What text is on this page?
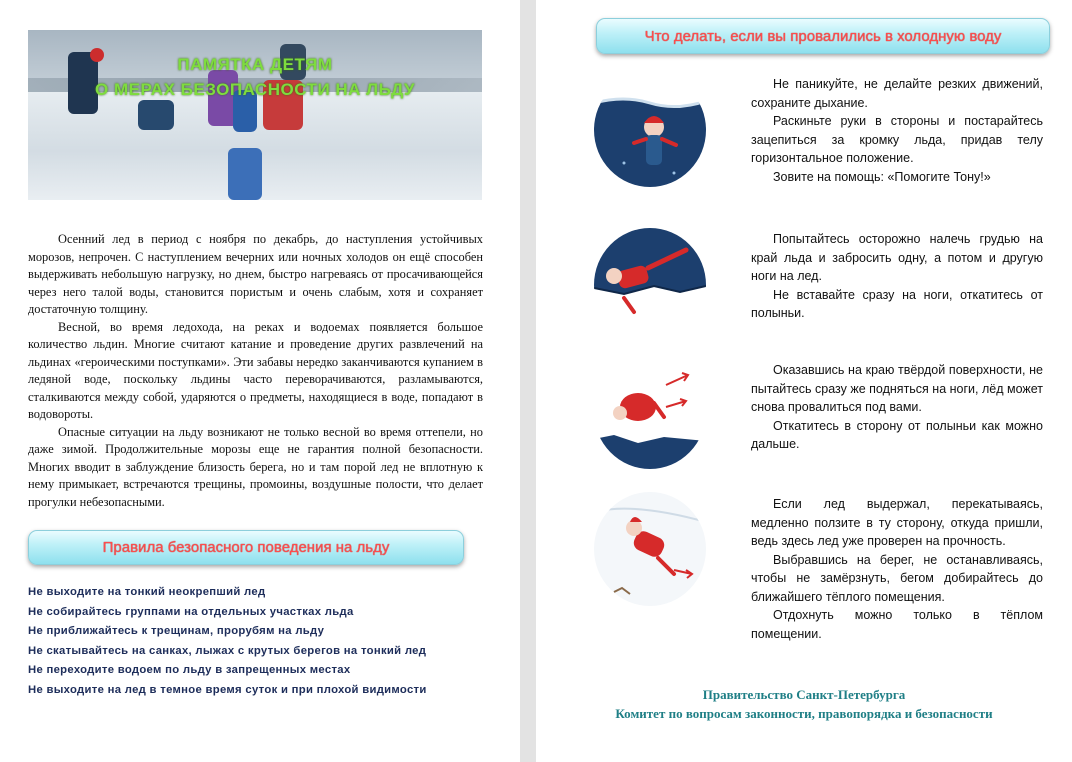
ПАМЯТКА ДЕТЯМ
О МЕРАХ БЕЗОПАСНОСТИ НА ЛЬДУ

Осенний лед в период с ноября по декабрь, до наступления устойчивых морозов, непрочен. С наступлением вечерних или ночных холодов он ещё способен выдерживать небольшую нагрузку, но днем, быстро нагреваясь от просачивающейся через него талой воды, становится пористым и очень слабым, хотя и сохраняет достаточную толщину.

Весной, во время ледохода, на реках и водоемах появляется большое количество льдин. Многие считают катание и проведение других развлечений на льдинах «героическими поступками». Эти забавы нередко заканчиваются купанием в ледяной воде, поскольку льдины часто переворачиваются, разламываются, сталкиваются между собой, ударяются о предметы, находящиеся в воде, попадают в водовороты.

Опасные ситуации на льду возникают не только весной во время оттепели, но даже зимой. Продолжительные морозы еще не гарантия полной безопасности. Многих вводит в заблуждение близость берега, но и там порой лед не вплотную к нему примыкает, встречаются трещины, промоины, воздушные полости, что делает прогулки небезопасными.

Правила безопасного поведения на льду
Не выходите на тонкий неокрепший лед
Не собирайтесь группами на отдельных участках льда
Не приближайтесь к трещинам, прорубям на льду
Не скатывайтесь на санках, лыжах с крутых берегов на тонкий лед
Не переходите водоем по льду в запрещенных местах
Не выходите на лед в темное время суток и при плохой видимости
Что делать, если вы провалились в холодную воду

Не паникуйте, не делайте резких движений, сохраните дыхание.

Раскиньте руки в стороны и постарайтесь зацепиться за кромку льда, придав телу горизонтальное положение.

Зовите на помощь: «Помогите Тону!»

Попытайтесь осторожно налечь грудью на край льда и забросить одну, а потом и другую ноги на лед.

Не вставайте сразу на ноги, откатитесь от полыньи.

Оказавшись на краю твёрдой поверхности, не пытайтесь сразу же подняться на ноги, лёд может снова провалиться под вами.

Откатитесь в сторону от полыньи как можно дальше.

Если лед выдержал, перекатываясь, медленно ползите в ту сторону, откуда пришли, ведь здесь лед уже проверен на прочность.

Выбравшись на берег, не останавливаясь, чтобы не замёрзнуть, бегом добирайтесь до ближайшего тёплого помещения.

Отдохнуть можно только в тёплом помещении.

Правительство Санкт-Петербурга
Комитет по вопросам законности, правопорядка и безопасности
